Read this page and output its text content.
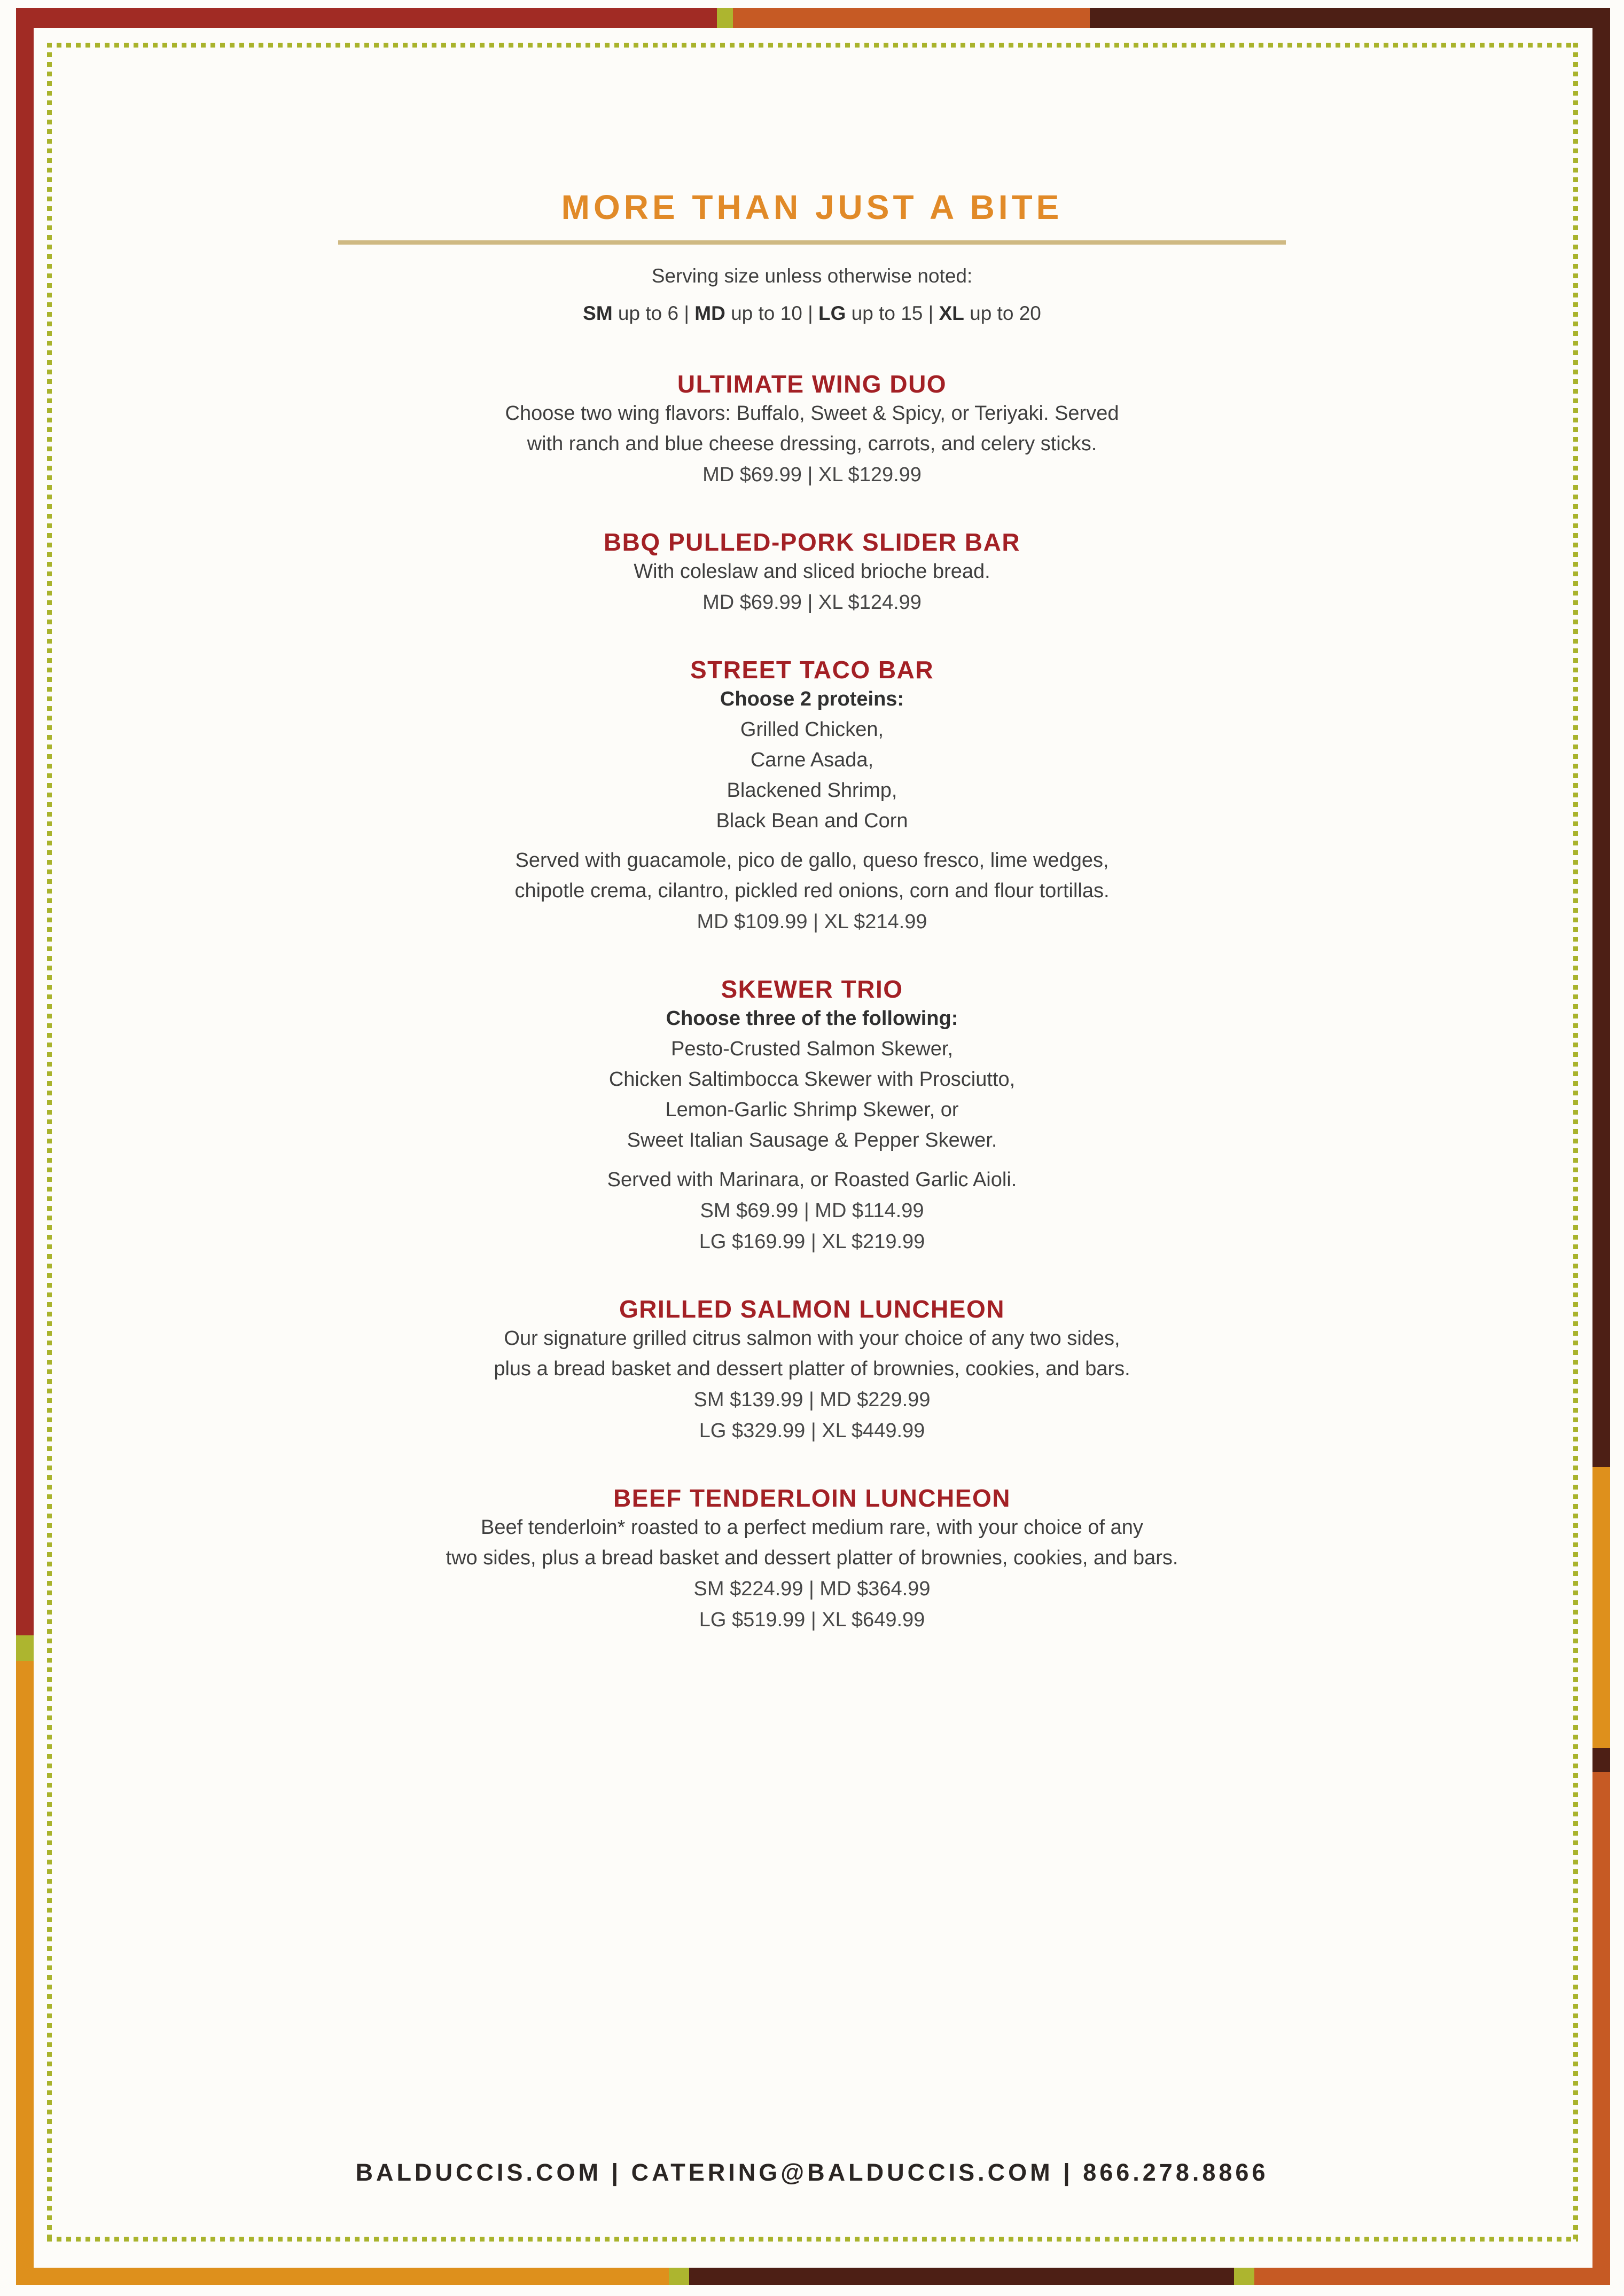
MORE THAN JUST A BITE
Serving size unless otherwise noted:
SM up to 6 | MD up to 10 | LG up to 15 | XL up to 20
ULTIMATE WING DUO

Choose two wing flavors: Buffalo, Sweet & Spicy, or Teriyaki. Served
with ranch and blue cheese dressing, carrots, and celery sticks.

MD $69.99 | XL $129.99
BBQ PULLED-PORK SLIDER BAR

With coleslaw and sliced brioche bread.

MD $69.99 | XL $124.99
STREET TACO BAR
Choose 2 proteins:
Grilled Chicken,
Carne Asada,
Blackened Shrimp,
Black Bean and Corn

Served with guacamole, pico de gallo, queso fresco, lime wedges,
chipotle crema, cilantro, pickled red onions, corn and flour tortillas.

MD $109.99 | XL $214.99
SKEWER TRIO
Choose three of the following:
Pesto-Crusted Salmon Skewer,
Chicken Saltimbocca Skewer with Prosciutto,
Lemon-Garlic Shrimp Skewer, or
Sweet Italian Sausage & Pepper Skewer.

Served with Marinara, or Roasted Garlic Aioli.

SM $69.99 | MD $114.99
LG $169.99 | XL $219.99
GRILLED SALMON LUNCHEON

Our signature grilled citrus salmon with your choice of any two sides,
plus a bread basket and dessert platter of brownies, cookies, and bars.

SM $139.99 | MD $229.99
LG $329.99 | XL $449.99
BEEF TENDERLOIN LUNCHEON

Beef tenderloin* roasted to a perfect medium rare, with your choice of any
two sides, plus a bread basket and dessert platter of brownies, cookies, and bars.

SM $224.99 | MD $364.99
LG $519.99 | XL $649.99
BALDUCCIS.COM | CATERING@BALDUCCIS.COM | 866.278.8866
